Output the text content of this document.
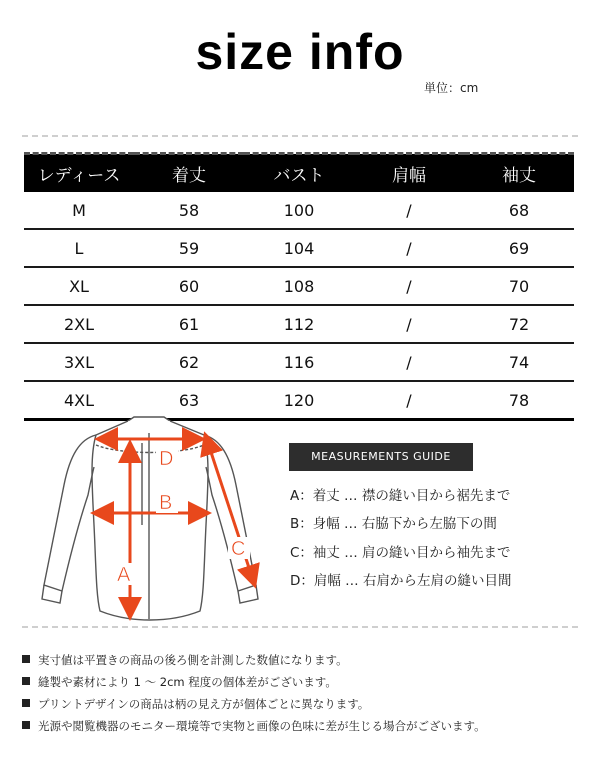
size info
単位：cm
レディース	着丈	バスト	肩幅	袖丈
M	58	100	/	68
L	59	104	/	69
XL	60	108	/	70
2XL	61	112	/	72
3XL	62	116	/	74
4XL	63	120	/	78
D
B
A
C
MEASUREMENTS GUIDE
A：着丈 … 襟の縫い目から裾先まで
B：身幅 … 右脇下から左脇下の間
C：袖丈 … 肩の縫い目から袖先まで
D：肩幅 … 右肩から左肩の縫い目間
実寸値は平置きの商品の後ろ側を計測した数値になります。
縫製や素材により 1 ～ 2cm 程度の個体差がございます。
プリントデザインの商品は柄の見え方が個体ごとに異なります。
光源や閲覧機器のモニター環境等で実物と画像の色味に差が生じる場合がございます。
